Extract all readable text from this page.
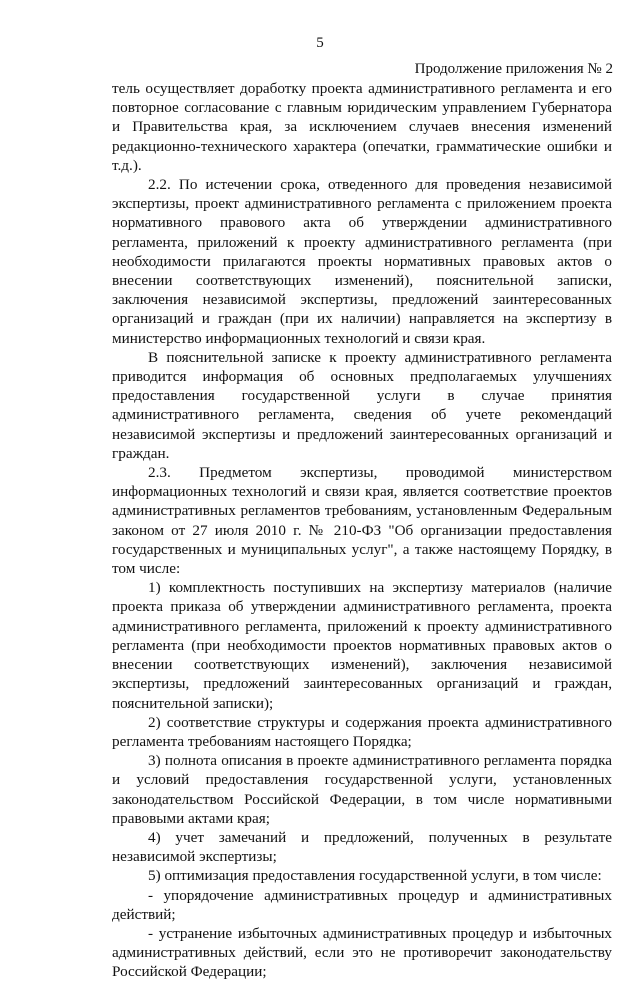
5
Продолжение приложения № 2

тель осуществляет доработку проекта административного регламента и его повторное согласование с главным юридическим управлением Губернатора и Правительства края, за исключением случаев внесения изменений редакционно-технического характера (опечатки, грамматические ошибки и т.д.).

2.2. По истечении срока, отведенного для проведения независимой экспертизы, проект административного регламента с приложением проекта нормативного правового акта об утверждении административного регламента, приложений к проекту административного регламента (при необходимости прилагаются проекты нормативных правовых актов о внесении соответствующих изменений), пояснительной записки, заключения независимой экспертизы, предложений заинтересованных организаций и граждан (при их наличии) направляется на экспертизу в министерство информационных технологий и связи края.

В пояснительной записке к проекту административного регламента приводится информация об основных предполагаемых улучшениях предоставления государственной услуги в случае принятия административного регламента, сведения об учете рекомендаций независимой экспертизы и предложений заинтересованных организаций и граждан.

2.3. Предметом экспертизы, проводимой министерством информационных технологий и связи края, является соответствие проектов административных регламентов требованиям, установленным Федеральным законом от 27 июля 2010 г. № 210-ФЗ "Об организации предоставления государственных и муниципальных услуг", а также настоящему Порядку, в том числе:

1) комплектность поступивших на экспертизу материалов (наличие проекта приказа об утверждении административного регламента, проекта административного регламента, приложений к проекту административного регламента (при необходимости проектов нормативных правовых актов о внесении соответствующих изменений), заключения независимой экспертизы, предложений заинтересованных организаций и граждан, пояснительной записки);

2) соответствие структуры и содержания проекта административного регламента требованиям настоящего Порядка;

3) полнота описания в проекте административного регламента порядка и условий предоставления государственной услуги, установленных законодательством Российской Федерации, в том числе нормативными правовыми актами края;

4) учет замечаний и предложений, полученных в результате независимой экспертизы;

5) оптимизация предоставления государственной услуги, в том числе:

- упорядочение административных процедур и административных действий;

- устранение избыточных административных процедур и избыточных административных действий, если это не противоречит законодательству Российской Федерации;
